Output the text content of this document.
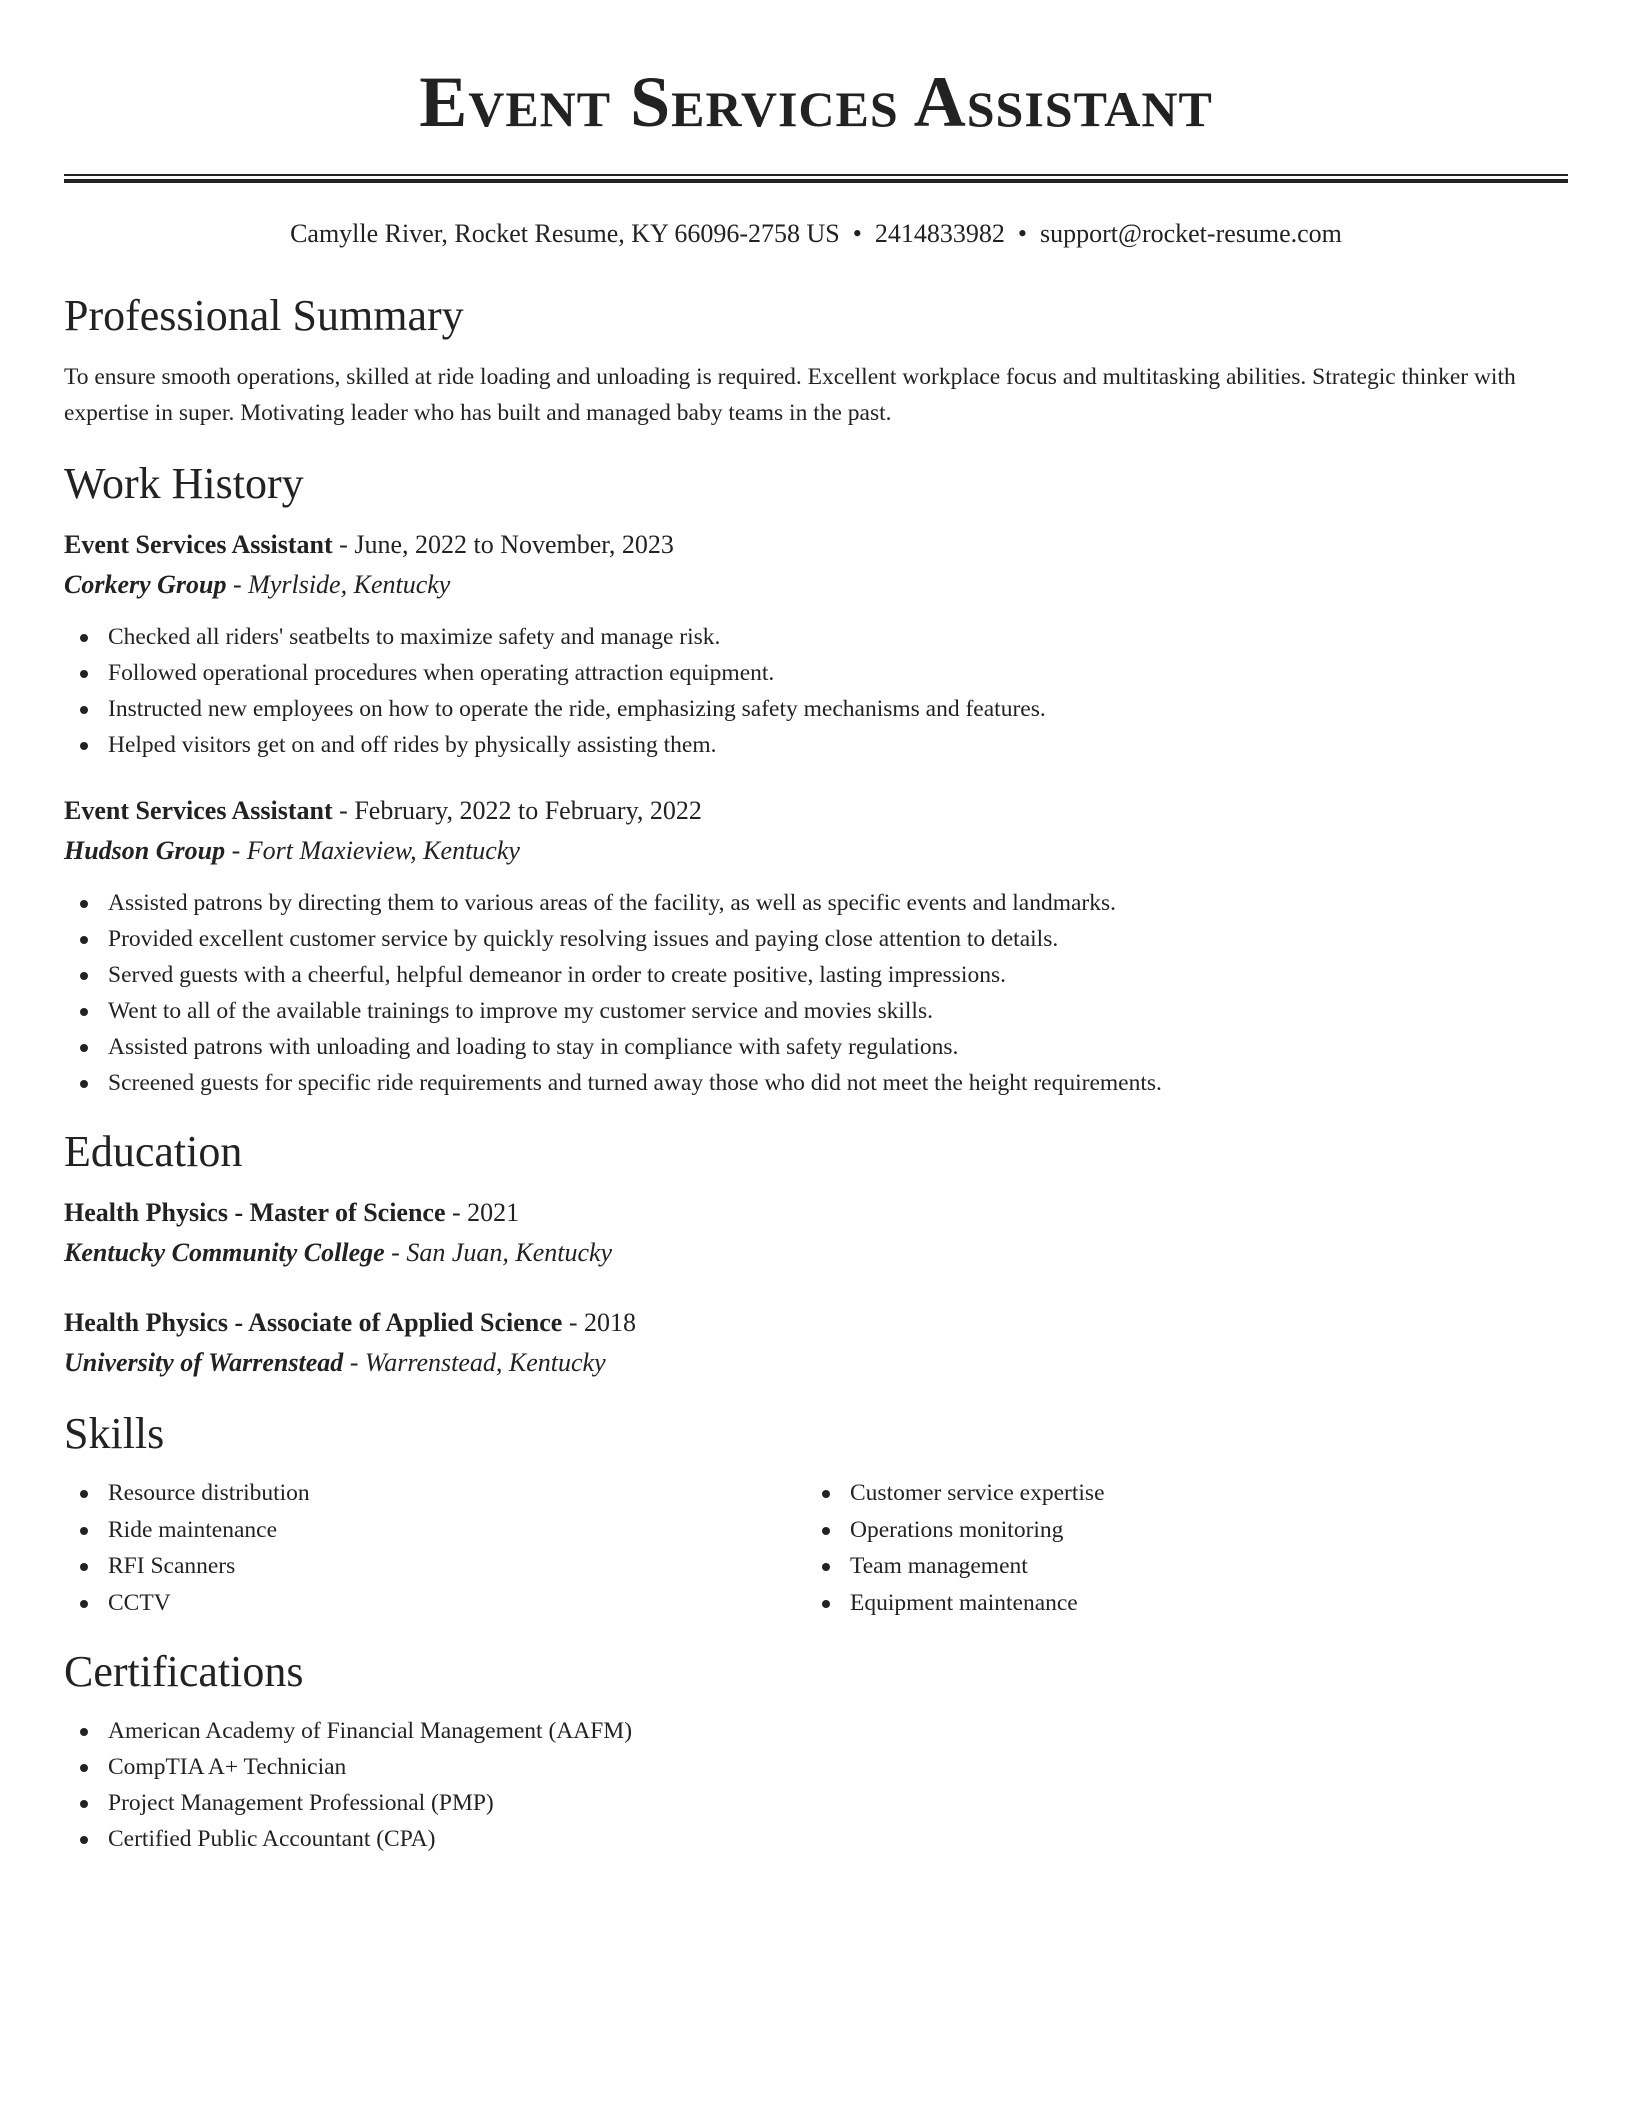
Event Services Assistant
Camylle River, Rocket Resume, KY 66096-2758 US • 2414833982 • support@rocket-resume.com
Professional Summary
To ensure smooth operations, skilled at ride loading and unloading is required. Excellent workplace focus and multitasking abilities. Strategic thinker with expertise in super. Motivating leader who has built and managed baby teams in the past.
Work History
Event Services Assistant - June, 2022 to November, 2023
Corkery Group - Myrlside, Kentucky
Checked all riders' seatbelts to maximize safety and manage risk.
Followed operational procedures when operating attraction equipment.
Instructed new employees on how to operate the ride, emphasizing safety mechanisms and features.
Helped visitors get on and off rides by physically assisting them.
Event Services Assistant - February, 2022 to February, 2022
Hudson Group - Fort Maxieview, Kentucky
Assisted patrons by directing them to various areas of the facility, as well as specific events and landmarks.
Provided excellent customer service by quickly resolving issues and paying close attention to details.
Served guests with a cheerful, helpful demeanor in order to create positive, lasting impressions.
Went to all of the available trainings to improve my customer service and movies skills.
Assisted patrons with unloading and loading to stay in compliance with safety regulations.
Screened guests for specific ride requirements and turned away those who did not meet the height requirements.
Education
Health Physics - Master of Science - 2021
Kentucky Community College - San Juan, Kentucky
Health Physics - Associate of Applied Science - 2018
University of Warrenstead - Warrenstead, Kentucky
Skills
Resource distribution
Ride maintenance
RFI Scanners
CCTV
Customer service expertise
Operations monitoring
Team management
Equipment maintenance
Certifications
American Academy of Financial Management (AAFM)
CompTIA A+ Technician
Project Management Professional (PMP)
Certified Public Accountant (CPA)
